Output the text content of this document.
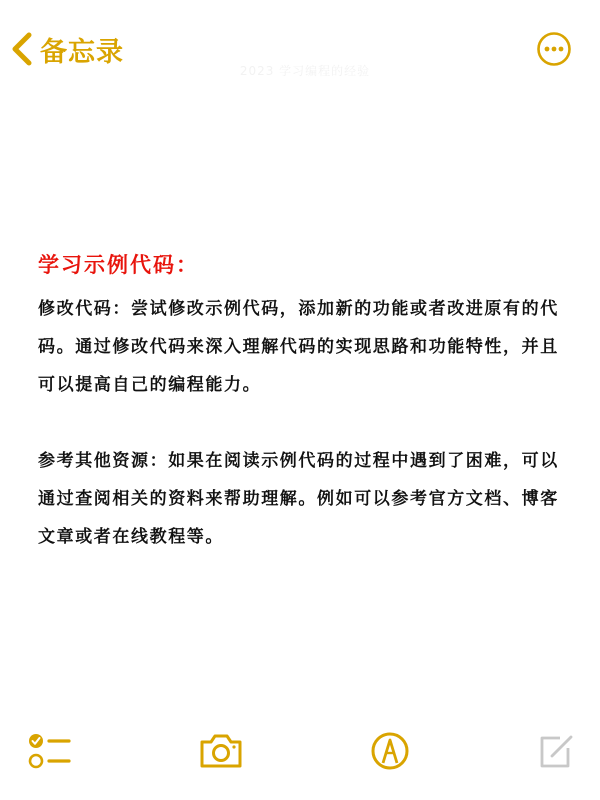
备忘录
2023 学习编程的经验

学习示例代码：

修改代码：尝试修改示例代码，添加新的功能或者改进原有的代码。通过修改代码来深入理解代码的实现思路和功能特性，并且可以提高自己的编程能力。

参考其他资源：如果在阅读示例代码的过程中遇到了困难，可以通过查阅相关的资料来帮助理解。例如可以参考官方文档、博客文章或者在线教程等。
